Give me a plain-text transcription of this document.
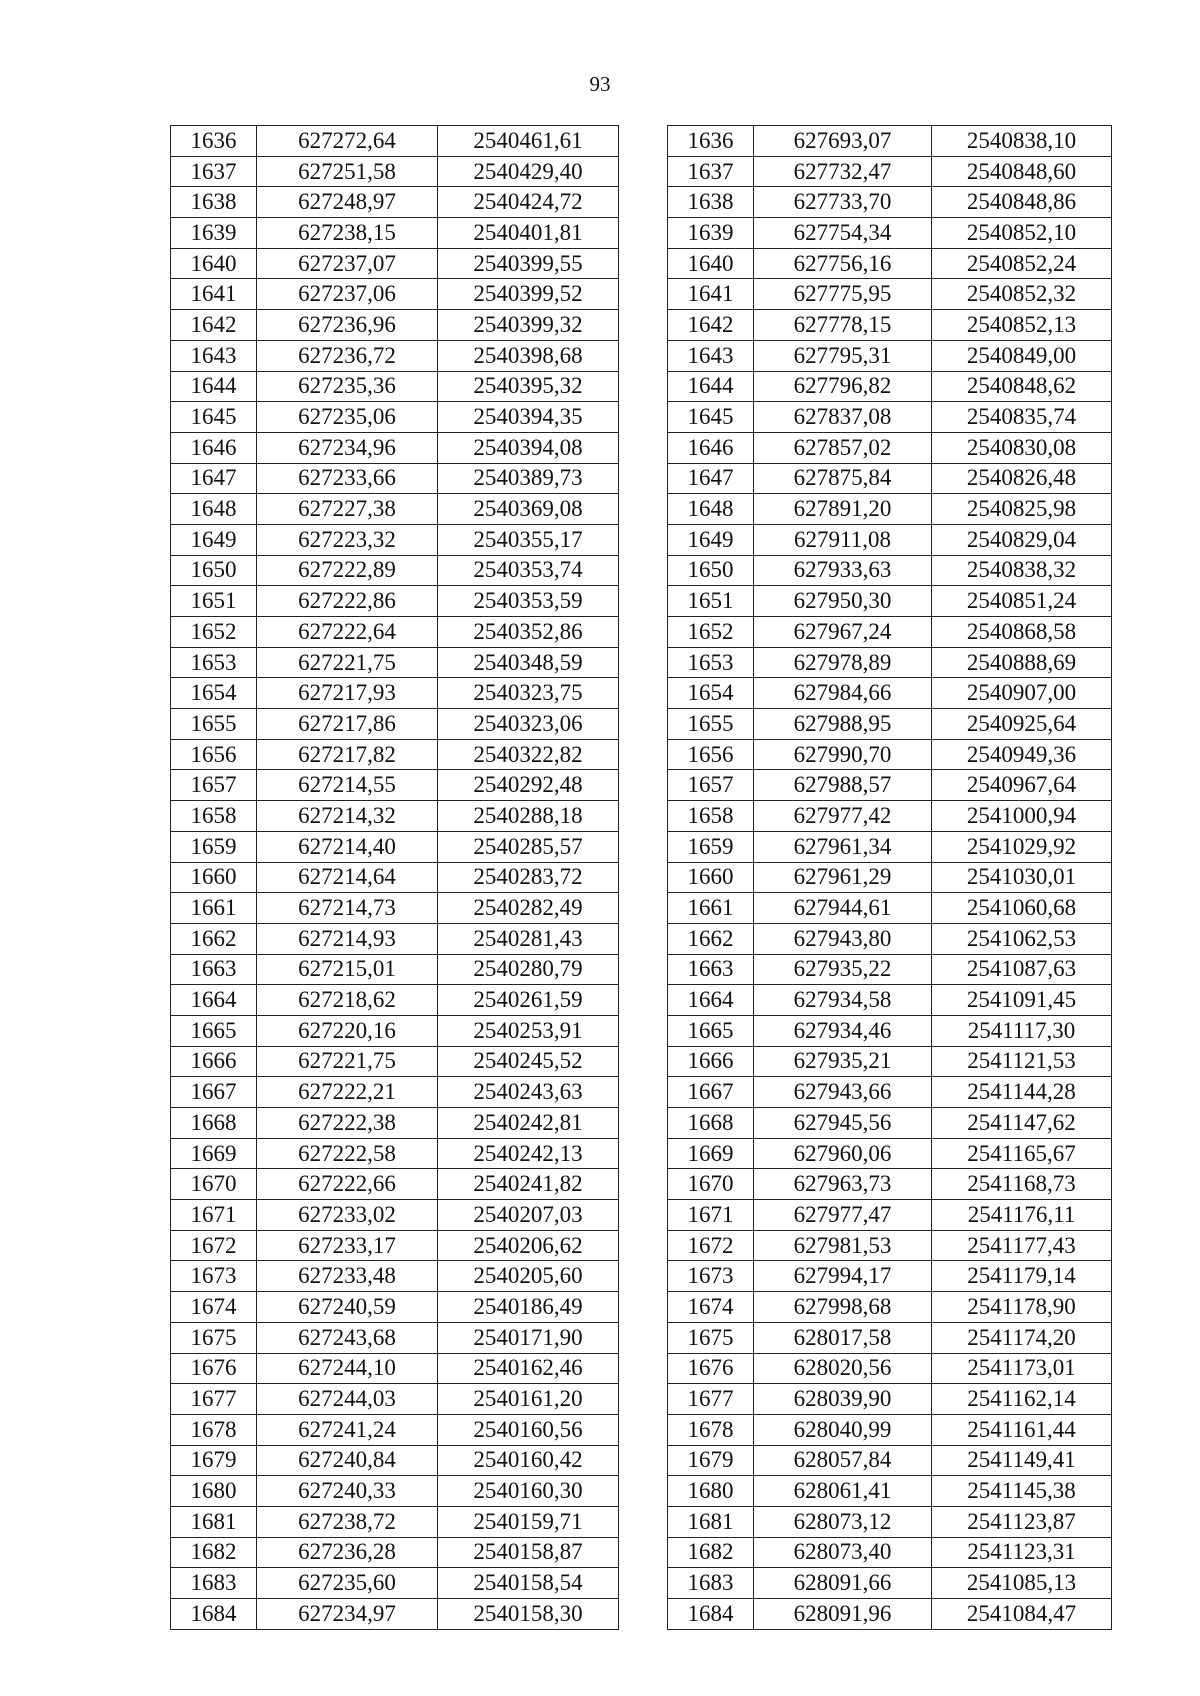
93
1636	627272,64	2540461,61		1636	627693,07	2540838,10
1637	627251,58	2540429,40		1637	627732,47	2540848,60
1638	627248,97	2540424,72		1638	627733,70	2540848,86
1639	627238,15	2540401,81		1639	627754,34	2540852,10
1640	627237,07	2540399,55		1640	627756,16	2540852,24
1641	627237,06	2540399,52		1641	627775,95	2540852,32
1642	627236,96	2540399,32		1642	627778,15	2540852,13
1643	627236,72	2540398,68		1643	627795,31	2540849,00
1644	627235,36	2540395,32		1644	627796,82	2540848,62
1645	627235,06	2540394,35		1645	627837,08	2540835,74
1646	627234,96	2540394,08		1646	627857,02	2540830,08
1647	627233,66	2540389,73		1647	627875,84	2540826,48
1648	627227,38	2540369,08		1648	627891,20	2540825,98
1649	627223,32	2540355,17		1649	627911,08	2540829,04
1650	627222,89	2540353,74		1650	627933,63	2540838,32
1651	627222,86	2540353,59		1651	627950,30	2540851,24
1652	627222,64	2540352,86		1652	627967,24	2540868,58
1653	627221,75	2540348,59		1653	627978,89	2540888,69
1654	627217,93	2540323,75		1654	627984,66	2540907,00
1655	627217,86	2540323,06		1655	627988,95	2540925,64
1656	627217,82	2540322,82		1656	627990,70	2540949,36
1657	627214,55	2540292,48		1657	627988,57	2540967,64
1658	627214,32	2540288,18		1658	627977,42	2541000,94
1659	627214,40	2540285,57		1659	627961,34	2541029,92
1660	627214,64	2540283,72		1660	627961,29	2541030,01
1661	627214,73	2540282,49		1661	627944,61	2541060,68
1662	627214,93	2540281,43		1662	627943,80	2541062,53
1663	627215,01	2540280,79		1663	627935,22	2541087,63
1664	627218,62	2540261,59		1664	627934,58	2541091,45
1665	627220,16	2540253,91		1665	627934,46	2541117,30
1666	627221,75	2540245,52		1666	627935,21	2541121,53
1667	627222,21	2540243,63		1667	627943,66	2541144,28
1668	627222,38	2540242,81		1668	627945,56	2541147,62
1669	627222,58	2540242,13		1669	627960,06	2541165,67
1670	627222,66	2540241,82		1670	627963,73	2541168,73
1671	627233,02	2540207,03		1671	627977,47	2541176,11
1672	627233,17	2540206,62		1672	627981,53	2541177,43
1673	627233,48	2540205,60		1673	627994,17	2541179,14
1674	627240,59	2540186,49		1674	627998,68	2541178,90
1675	627243,68	2540171,90		1675	628017,58	2541174,20
1676	627244,10	2540162,46		1676	628020,56	2541173,01
1677	627244,03	2540161,20		1677	628039,90	2541162,14
1678	627241,24	2540160,56		1678	628040,99	2541161,44
1679	627240,84	2540160,42		1679	628057,84	2541149,41
1680	627240,33	2540160,30		1680	628061,41	2541145,38
1681	627238,72	2540159,71		1681	628073,12	2541123,87
1682	627236,28	2540158,87		1682	628073,40	2541123,31
1683	627235,60	2540158,54		1683	628091,66	2541085,13
1684	627234,97	2540158,30		1684	628091,96	2541084,47
